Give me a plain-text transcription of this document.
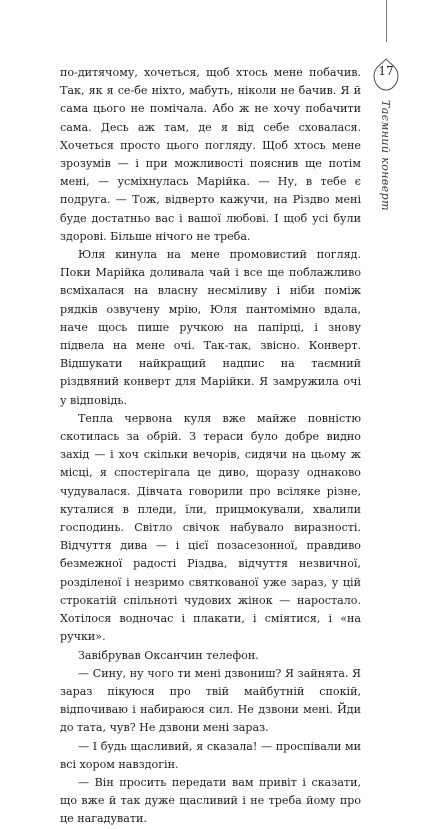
17
Таємний конверт

по-дитячому, хочеться, щоб хтось мене побачив. Так, як я се-бе ніхто, мабуть, ніколи не бачив. Я й сама цього не помічала. Або ж не хочу побачити сама. Десь аж там, де я від себе сховалася. Хочеться просто цього погляду. Щоб хтось мене зрозумів — і при можливості пояснив ще потім мені, — усміхнулась Марійка. — Ну, в тебе є подруга. — Тож, відверто кажучи, на Різдво мені буде достатньо вас і вашої любові. І щоб усі були здорові. Більше нічого не треба.

Юля кинула на мене промовистий погляд. Поки Марійка доливала чай і все ще поблажливо всміхалася на власну несміливу і ніби поміж рядків озвучену мрію, Юля пантомімно вдала, наче щось пише ручкою на папірці, і знову підвела на мене очі. Так-так, звісно. Конверт. Відшукати найкращий надпис на таємний різдвяний конверт для Марійки. Я замружила очі у відповідь.

Тепла червона куля вже майже повністю скотилась за обрій. З тераси було добре видно захід — і хоч скільки вечорів, сидячи на цьому ж місці, я спостерігала це диво, щоразу однаково чудувалася. Дівчата говорили про всіляке різне, куталися в пледи, їли, прицмокували, хвалили господинь. Світло свічок набувало виразності. Відчуття дива — і цієї позасезонної, правдиво безмежної радості Різдва, відчуття незвичної, розділеної і незримо святкованої уже зараз, у цій строкатій спільноті чудових жінок — наростало. Хотілося водночас і плакати, і сміятися, і «на ручки».

Завібрував Оксанчин телефон.

— Сину, ну чого ти мені дзвониш? Я зайнята. Я зараз пікуюся про твій майбутній спокій, відпочиваю і набираюся сил. Не дзвони мені. Йди до тата, чув? Не дзвони мені зараз.

— І будь щасливий, я сказала! — проспівали ми всі хором навздогін.

— Він просить передати вам привіт і сказати, що вже й так дуже щасливий і не треба йому про це нагадувати.
